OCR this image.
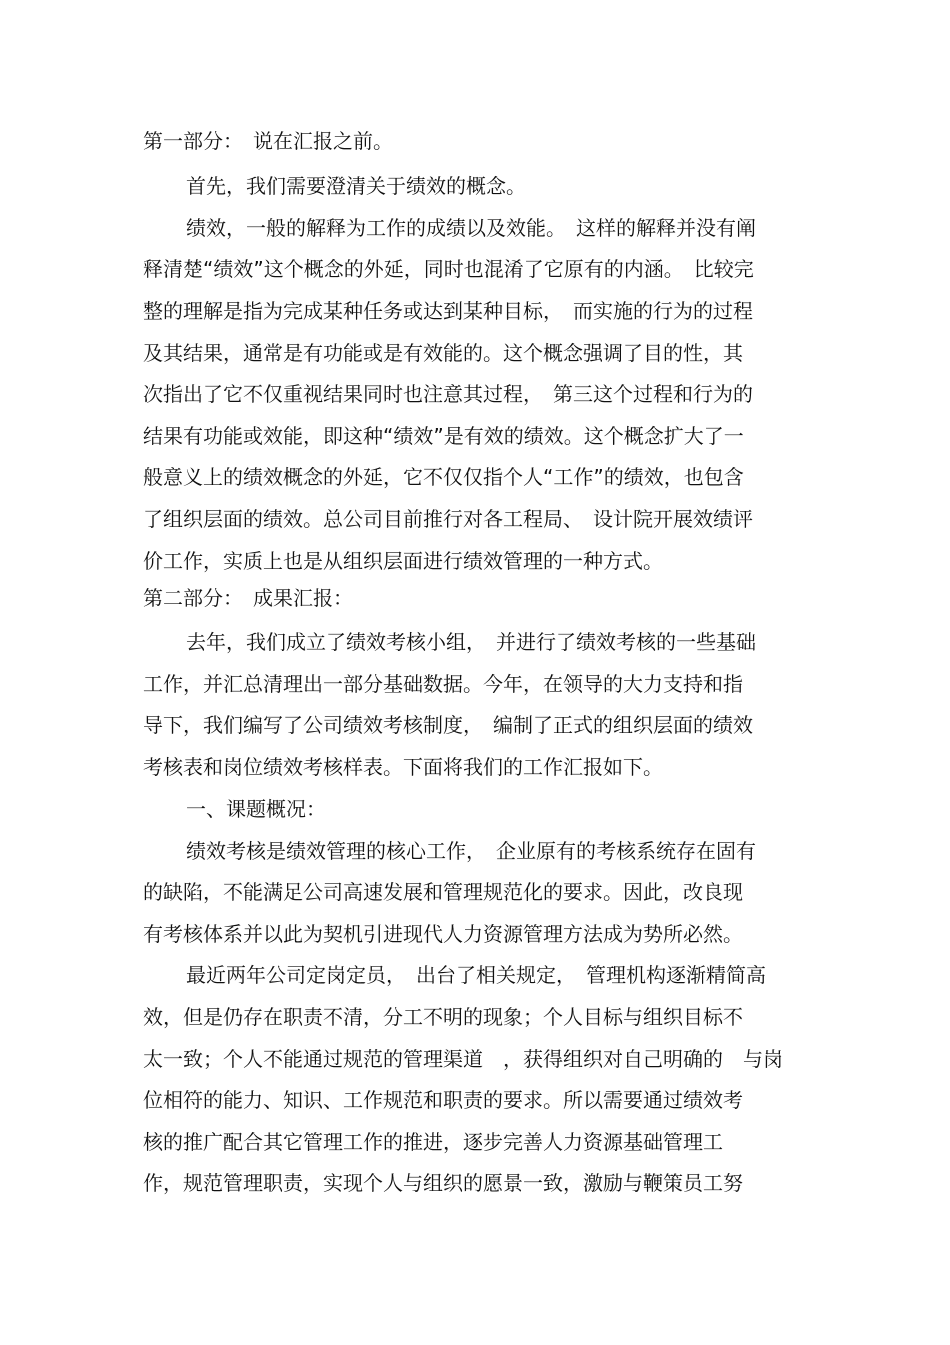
第一部分：　说在汇报之前。
首先，我们需要澄清关于绩效的概念。
绩效，一般的解释为工作的成绩以及效能。　这样的解释并没有阐
释清楚“绩效”这个概念的外延，同时也混淆了它原有的内涵。　比较完
整的理解是指为完成某种任务或达到某种目标，　而实施的行为的过程
及其结果，通常是有功能或是有效能的。这个概念强调了目的性，其
次指出了它不仅重视结果同时也注意其过程，　第三这个过程和行为的
结果有功能或效能，即这种“绩效”是有效的绩效。这个概念扩大了一
般意义上的绩效概念的外延，它不仅仅指个人“工作”的绩效，也包含
了组织层面的绩效。总公司目前推行对各工程局、　设计院开展效绩评
价工作，实质上也是从组织层面进行绩效管理的一种方式。
第二部分：　成果汇报：
去年，我们成立了绩效考核小组，　并进行了绩效考核的一些基础
工作，并汇总清理出一部分基础数据。今年，在领导的大力支持和指
导下，我们编写了公司绩效考核制度，　编制了正式的组织层面的绩效
考核表和岗位绩效考核样表。下面将我们的工作汇报如下。
一、课题概况：
绩效考核是绩效管理的核心工作，　企业原有的考核系统存在固有
的缺陷，不能满足公司高速发展和管理规范化的要求。因此，改良现
有考核体系并以此为契机引进现代人力资源管理方法成为势所必然。
最近两年公司定岗定员，　出台了相关规定，　管理机构逐渐精简高
效，但是仍存在职责不清，分工不明的现象；个人目标与组织目标不
太一致；个人不能通过规范的管理渠道　，获得组织对自己明确的　与岗
位相符的能力、知识、工作规范和职责的要求。所以需要通过绩效考
核的推广配合其它管理工作的推进，逐步完善人力资源基础管理工
作，规范管理职责，实现个人与组织的愿景一致，激励与鞭策员工努
